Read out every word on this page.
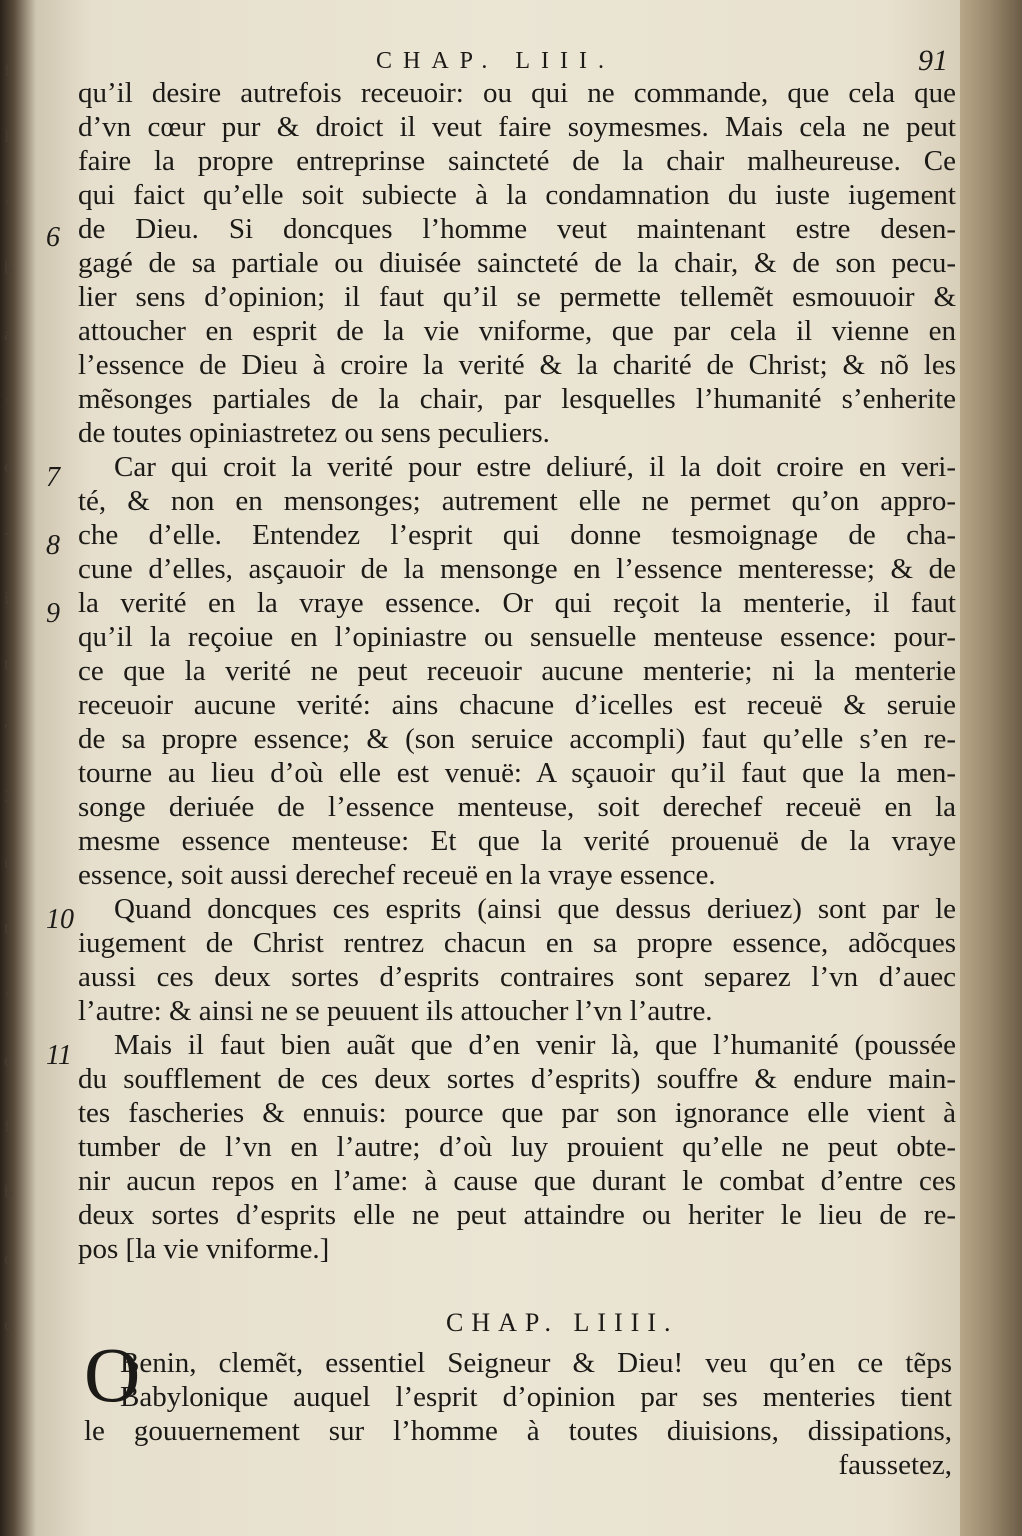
f
l
·
b
a
·
e
-
i
t
'
3
u
t
·
e
f
b
c
d
CHAP. LIII.	91
6
7
8
9
10
11
qu’il desire autrefois receuoir: ou qui ne commande, que cela que
d’vn cœur pur & droict il veut faire soymesmes. Mais cela ne peut
faire la propre entreprinse saincteté de la chair malheureuse. Ce
qui faict qu’elle soit subiecte à la condamnation du iuste iugement
de Dieu. Si doncques l’homme veut maintenant estre desen-
gagé de sa partiale ou diuisée saincteté de la chair, & de son pecu-
lier sens d’opinion; il faut qu’il se permette tellemẽt esmouuoir &
attoucher en esprit de la vie vniforme, que par cela il vienne en
l’essence de Dieu à croire la verité & la charité de Christ; & nõ les
mẽsonges partiales de la chair, par lesquelles l’humanité s’enherite
de toutes opiniastretez ou sens peculiers.
Car qui croit la verité pour estre deliuré, il la doit croire en veri-
té, & non en mensonges; autrement elle ne permet qu’on appro-
che d’elle. Entendez l’esprit qui donne tesmoignage de cha-
cune d’elles, asçauoir de la mensonge en l’essence menteresse; & de
la verité en la vraye essence. Or qui reçoit la menterie, il faut
qu’il la reçoiue en l’opiniastre ou sensuelle menteuse essence: pour-
ce que la verité ne peut receuoir aucune menterie; ni la menterie
receuoir aucune verité: ains chacune d’icelles est receuë & seruie
de sa propre essence; & (son seruice accompli) faut qu’elle s’en re-
tourne au lieu d’où elle est venuë: A sçauoir qu’il faut que la men-
songe deriuée de l’essence menteuse, soit derechef receuë en la
mesme essence menteuse: Et que la verité prouenuë de la vraye
essence, soit aussi derechef receuë en la vraye essence.
Quand doncques ces esprits (ainsi que dessus deriuez) sont par le
iugement de Christ rentrez chacun en sa propre essence, adõcques
aussi ces deux sortes d’esprits contraires sont separez l’vn d’auec
l’autre: & ainsi ne se peuuent ils attoucher l’vn l’autre.
Mais il faut bien auãt que d’en venir là, que l’humanité (poussée
du soufflement de ces deux sortes d’esprits) souffre & endure main-
tes fascheries & ennuis: pource que par son ignorance elle vient à
tumber de l’vn en l’autre; d’où luy prouient qu’elle ne peut obte-
nir aucun repos en l’ame: à cause que durant le combat d’entre ces
deux sortes d’esprits elle ne peut attaindre ou heriter le lieu de re-
pos [la vie vniforme.]
CHAP. LIIII.
O
Benin, clemẽt, essentiel Seigneur & Dieu! veu qu’en ce tẽps
Babylonique auquel l’esprit d’opinion par ses menteries tient
le gouuernement sur l’homme à toutes diuisions, dissipations,
faussetez,
